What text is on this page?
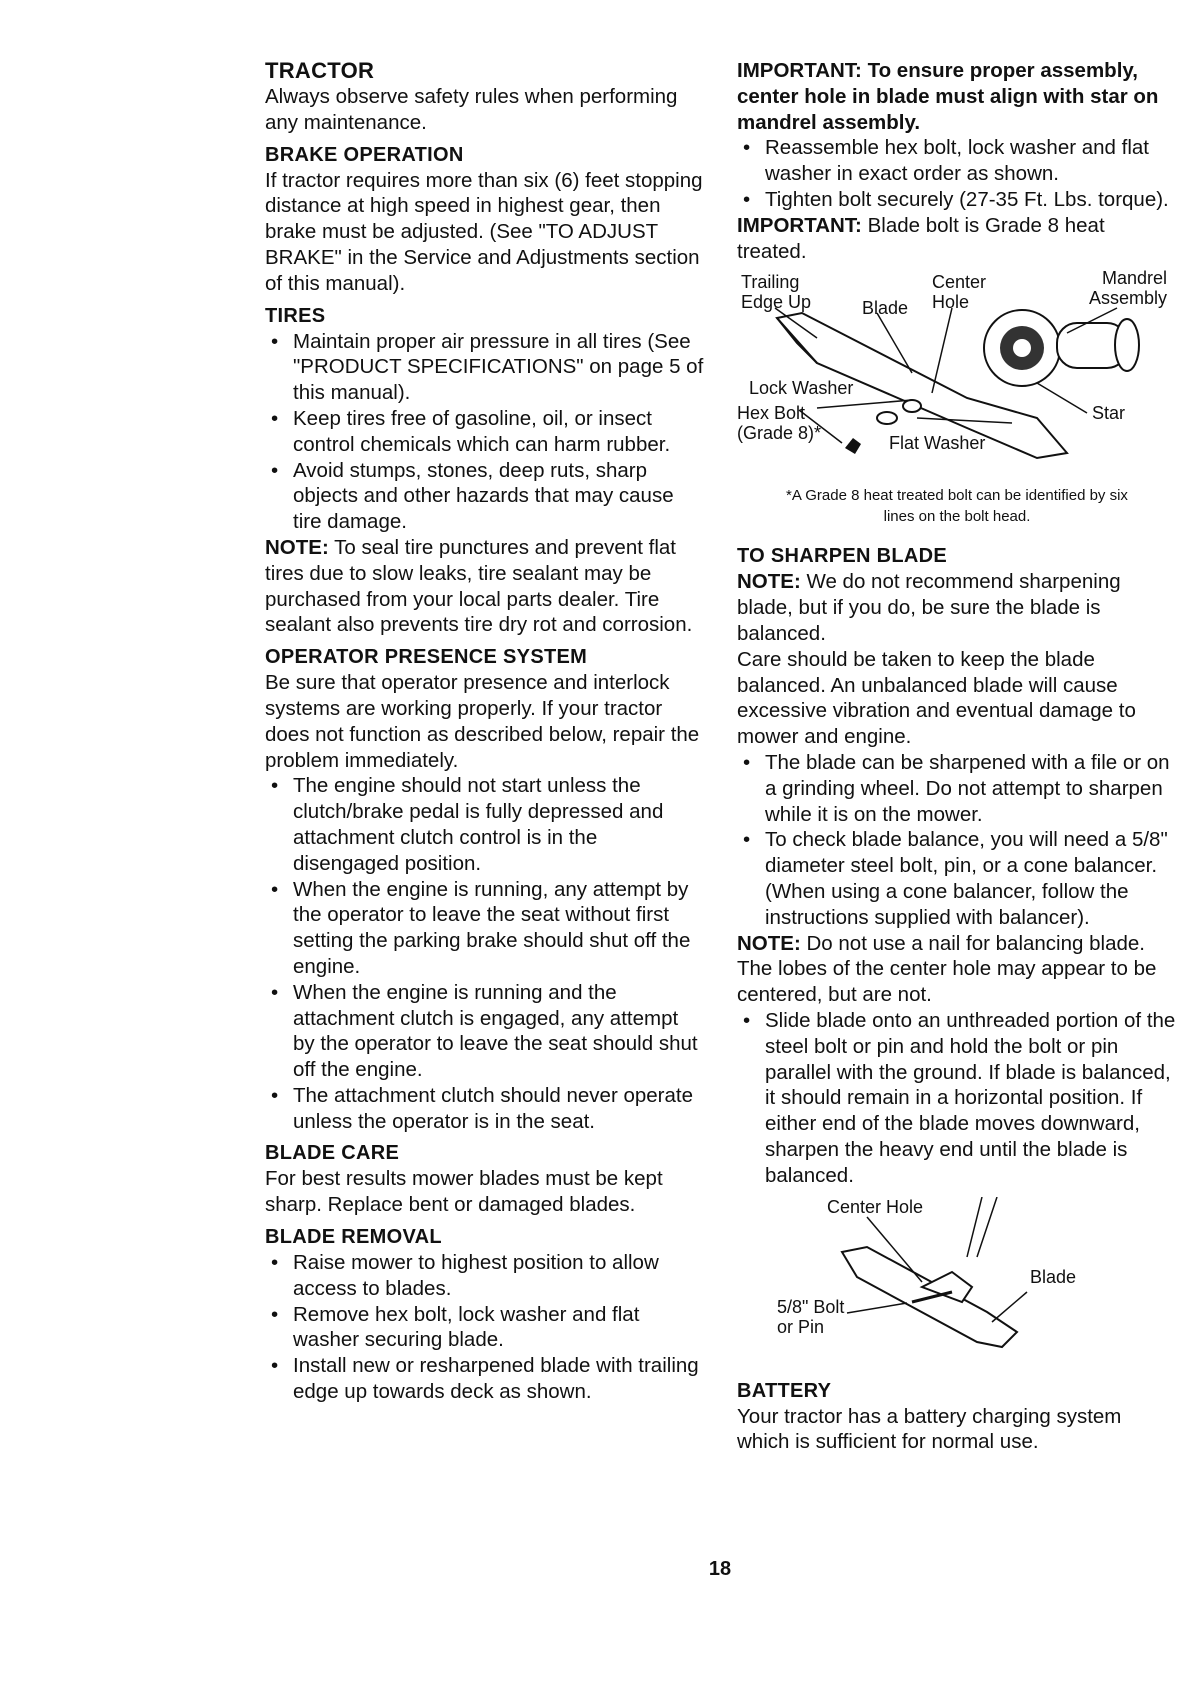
TRACTOR

Always observe safety rules when performing any maintenance.

BRAKE OPERATION

If tractor requires more than six (6) feet stopping distance at high speed in highest gear, then brake must be adjusted. (See "TO ADJUST BRAKE" in the Service and Adjustments section of this manual).

TIRES
• Maintain proper air pressure in all tires (See "PRODUCT SPECIFICATIONS" on page 5 of this manual).
• Keep tires free of gasoline, oil, or insect control chemicals which can harm rubber.
• Avoid stumps, stones, deep ruts, sharp objects and other hazards that may cause tire damage.

NOTE: To seal tire punctures and prevent flat tires due to slow leaks, tire sealant may be purchased from your local parts dealer. Tire sealant also prevents tire dry rot and corrosion.

OPERATOR PRESENCE SYSTEM

Be sure that operator presence and interlock systems are working properly. If your tractor does not function as described below, repair the problem immediately.

• The engine should not start unless the clutch/brake pedal is fully depressed and attachment clutch control is in the disengaged position.
• When the engine is running, any attempt by the operator to leave the seat without first setting the parking brake should shut off the engine.
• When the engine is running and the attachment clutch is engaged, any attempt by the operator to leave the seat should shut off the engine.
• The attachment clutch should never operate unless the operator is in the seat.
BLADE CARE

For best results mower blades must be kept sharp. Replace bent or damaged blades.

BLADE REMOVAL
• Raise mower to highest position to allow access to blades.
• Remove hex bolt, lock washer and flat washer securing blade.
• Install new or resharpened blade with trailing edge up towards deck as shown.

IMPORTANT: To ensure proper assembly, center hole in blade must align with star on mandrel assembly.

• Reassemble hex bolt, lock washer and flat washer in exact order as shown.
• Tighten bolt securely (27-35 Ft. Lbs. torque).

IMPORTANT: Blade bolt is Grade 8 heat treated.

Trailing Edge Up	Blade
Center Hole
Mandrel Assembly
Lock Washer
Hex Bolt (Grade 8)*
Star
Flat Washer
*A Grade 8 heat treated bolt can be identified by six lines on the bolt head.
TO SHARPEN BLADE

NOTE: We do not recommend sharpening blade, but if you do, be sure the blade is balanced.

Care should be taken to keep the blade balanced. An unbalanced blade will cause excessive vibration and eventual damage to mower and engine.

• The blade can be sharpened with a file or on a grinding wheel. Do not attempt to sharpen while it is on the mower.
• To check blade balance, you will need a 5/8" diameter steel bolt, pin, or a cone balancer. (When using a cone balancer, follow the instructions supplied with balancer).

NOTE: Do not use a nail for balancing blade. The lobes of the center hole may appear to be centered, but are not.

• Slide blade onto an unthreaded portion of the steel bolt or pin and hold the bolt or pin parallel with the ground. If blade is balanced, it should remain in a horizontal position. If either end of the blade moves downward, sharpen the heavy end until the blade is balanced.
Center Hole
Blade
5/8" Bolt or Pin
BATTERY

Your tractor has a battery charging system which is sufficient for normal use.

18
